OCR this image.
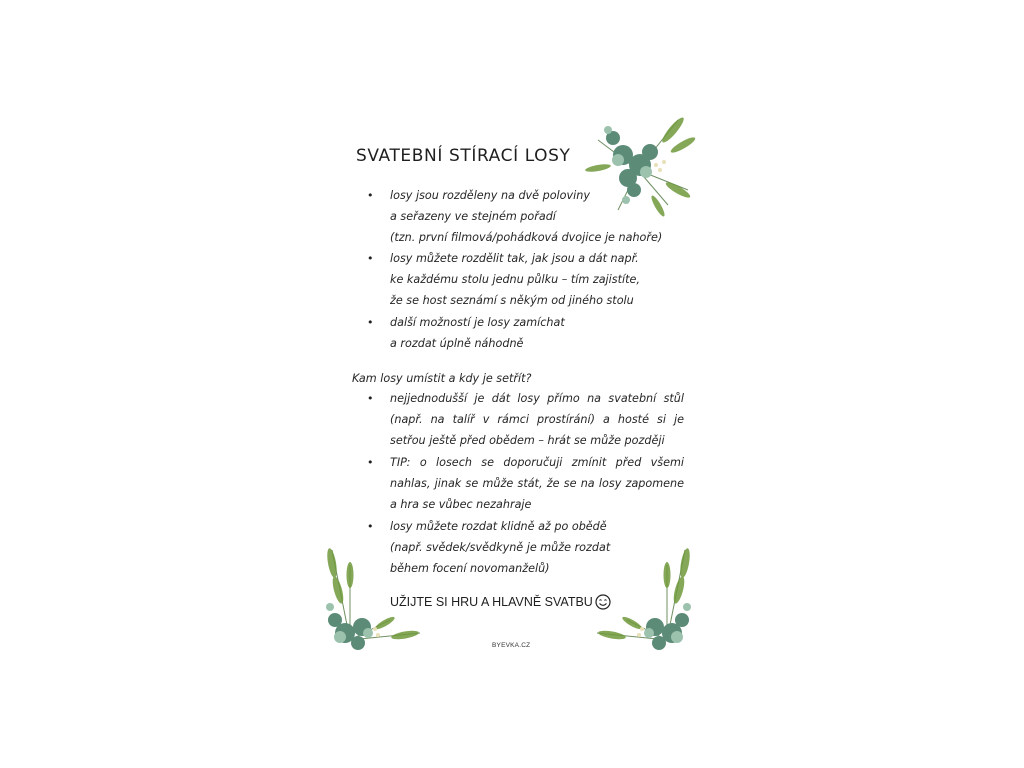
SVATEBNÍ STÍRACÍ LOSY
• losy jsou rozděleny na dvě poloviny
a seřazeny ve stejném pořadí
(tzn. první filmová/pohádková dvojice je nahoře)
• losy můžete rozdělit tak, jak jsou a dát např.
ke každému stolu jednu půlku – tím zajistíte,
že se host seznámí s někým od jiného stolu
• další možností je losy zamíchat
a rozdat úplně náhodně
Kam losy umístit a kdy je setřít?
• nejjednodušší je dát losy přímo na svatební stůl
(např. na talíř v rámci prostírání) a hosté si je
setřou ještě před obědem – hrát se může později
• TIP: o losech se doporučuji zmínit před všemi
nahlas, jinak se může stát, že se na losy zapomene
a hra se vůbec nezahraje
• losy můžete rozdat klidně až po obědě
(např. svědek/svědkyně je může rozdat
během focení novomanželů)
UŽIJTE SI HRU A HLAVNĚ SVATBU
BYEVKA.CZ
